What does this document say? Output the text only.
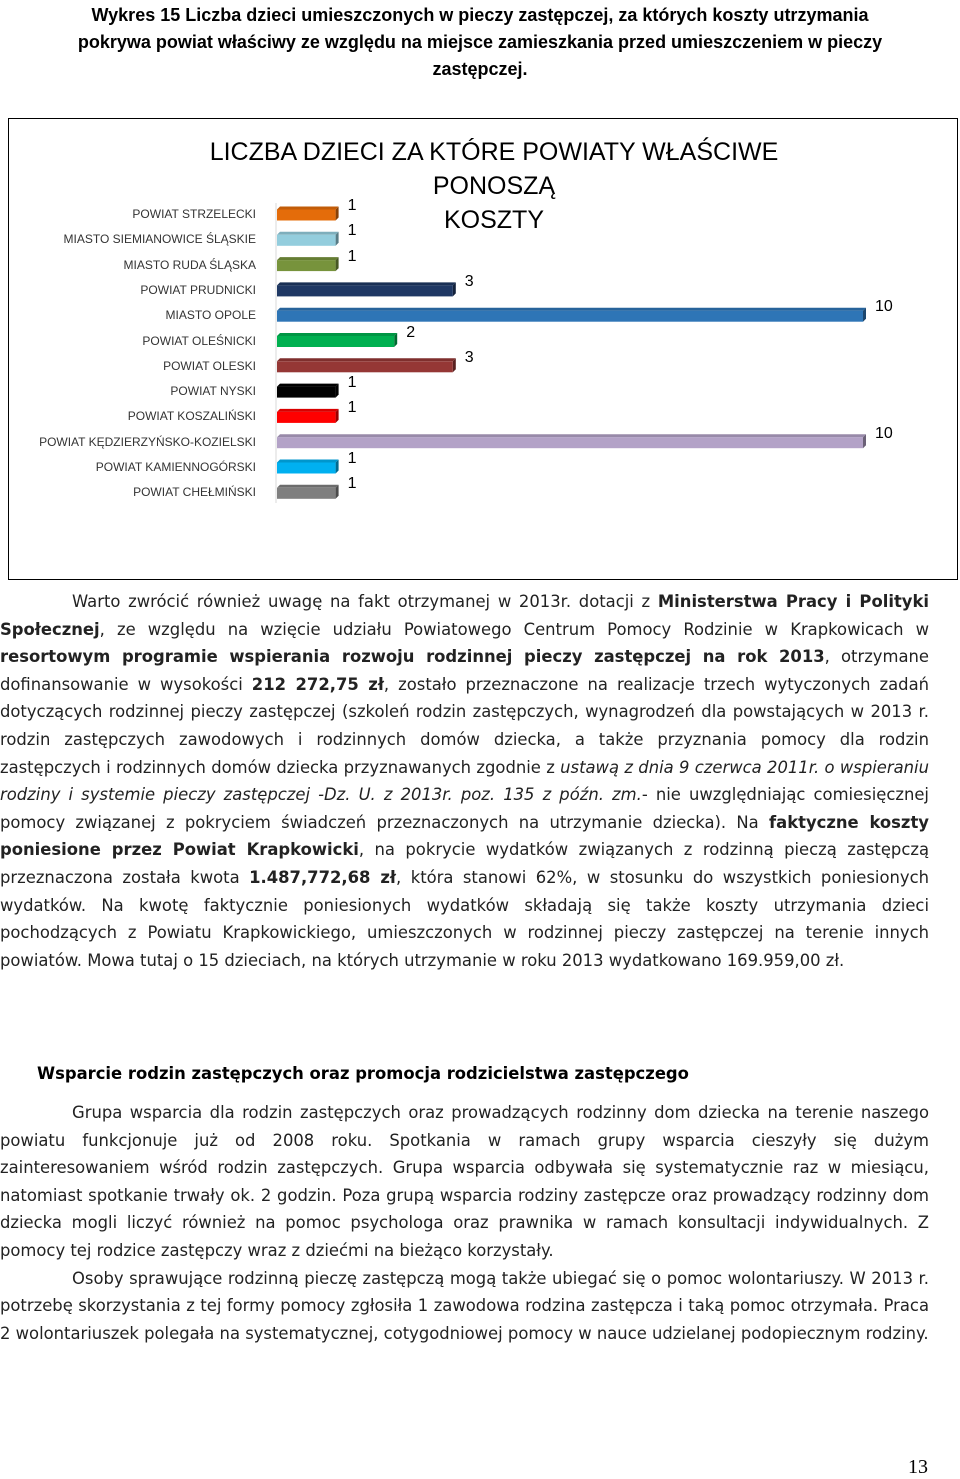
Wykres 15 Liczba dzieci umieszczonych w pieczy zastępczej, za których koszty utrzymania
pokrywa powiat właściwy ze względu na miejsce zamieszkania przed umieszczeniem w pieczy
zastępczej.
LICZBA DZIECI ZA KTÓRE POWIATY WŁAŚCIWE PONOSZĄ
KOSZTY
POWIAT STRZELECKI	1
MIASTO SIEMIANOWICE ŚLĄSKIE	1
MIASTO RUDA ŚLĄSKA	1
POWIAT PRUDNICKI	3
MIASTO OPOLE	10
POWIAT OLEŚNICKI	2
POWIAT OLESKI	3
POWIAT NYSKI	1
POWIAT KOSZALIŃSKI	1
POWIAT KĘDZIERZYŃSKO-KOZIELSKI	10
POWIAT KAMIENNOGÓRSKI	1
POWIAT CHEŁMIŃSKI	1

Warto zwrócić również uwagę na fakt otrzymanej w 2013r. dotacji z Ministerstwa Pracy i Polityki Społecznej, ze względu na wzięcie udziału Powiatowego Centrum Pomocy Rodzinie w Krapkowicach w resortowym programie wspierania rozwoju rodzinnej pieczy zastępczej na rok 2013, otrzymane dofinansowanie w wysokości 212 272,75 zł, zostało przeznaczone na realizacje trzech wytyczonych zadań dotyczących rodzinnej pieczy zastępczej (szkoleń rodzin zastępczych, wynagrodzeń dla powstających w 2013 r. rodzin zastępczych zawodowych i rodzinnych domów dziecka, a także przyznania pomocy dla rodzin zastępczych i rodzinnych domów dziecka przyznawanych zgodnie z ustawą z dnia 9 czerwca 2011r. o wspieraniu rodziny i systemie pieczy zastępczej -Dz. U. z 2013r. poz. 135 z późn. zm.- nie uwzględniając comiesięcznej pomocy związanej z pokryciem świadczeń przeznaczonych na utrzymanie dziecka). Na faktyczne koszty poniesione przez Powiat Krapkowicki, na pokrycie wydatków związanych z rodzinną pieczą zastępczą przeznaczona została kwota 1.487,772,68 zł, która stanowi 62%, w stosunku do wszystkich poniesionych wydatków. Na kwotę faktycznie poniesionych wydatków składają się także koszty utrzymania dzieci pochodzących z Powiatu Krapkowickiego, umieszczonych w rodzinnej pieczy zastępczej na terenie innych powiatów. Mowa tutaj o 15 dzieciach, na których utrzymanie w roku 2013 wydatkowano 169.959,00 zł.

Wsparcie rodzin zastępczych oraz promocja rodzicielstwa zastępczego

Grupa wsparcia dla rodzin zastępczych oraz prowadzących rodzinny dom dziecka na terenie naszego powiatu funkcjonuje już od 2008 roku. Spotkania w ramach grupy wsparcia cieszyły się dużym zainteresowaniem wśród rodzin zastępczych. Grupa wsparcia odbywała się systematycznie raz w miesiącu, natomiast spotkanie trwały ok. 2 godzin. Poza grupą wsparcia rodziny zastępcze oraz prowadzący rodzinny dom dziecka mogli liczyć również na pomoc psychologa oraz prawnika w ramach konsultacji indywidualnych. Z pomocy tej rodzice zastępczy wraz z dziećmi na bieżąco korzystały.

Osoby sprawujące rodzinną pieczę zastępczą mogą także ubiegać się o pomoc wolontariuszy. W 2013 r. potrzebę skorzystania z tej formy pomocy zgłosiła 1 zawodowa rodzina zastępcza i taką pomoc otrzymała. Praca 2 wolontariuszek polegała na systematycznej, cotygodniowej pomocy w nauce udzielanej podopiecznym rodziny.

13
